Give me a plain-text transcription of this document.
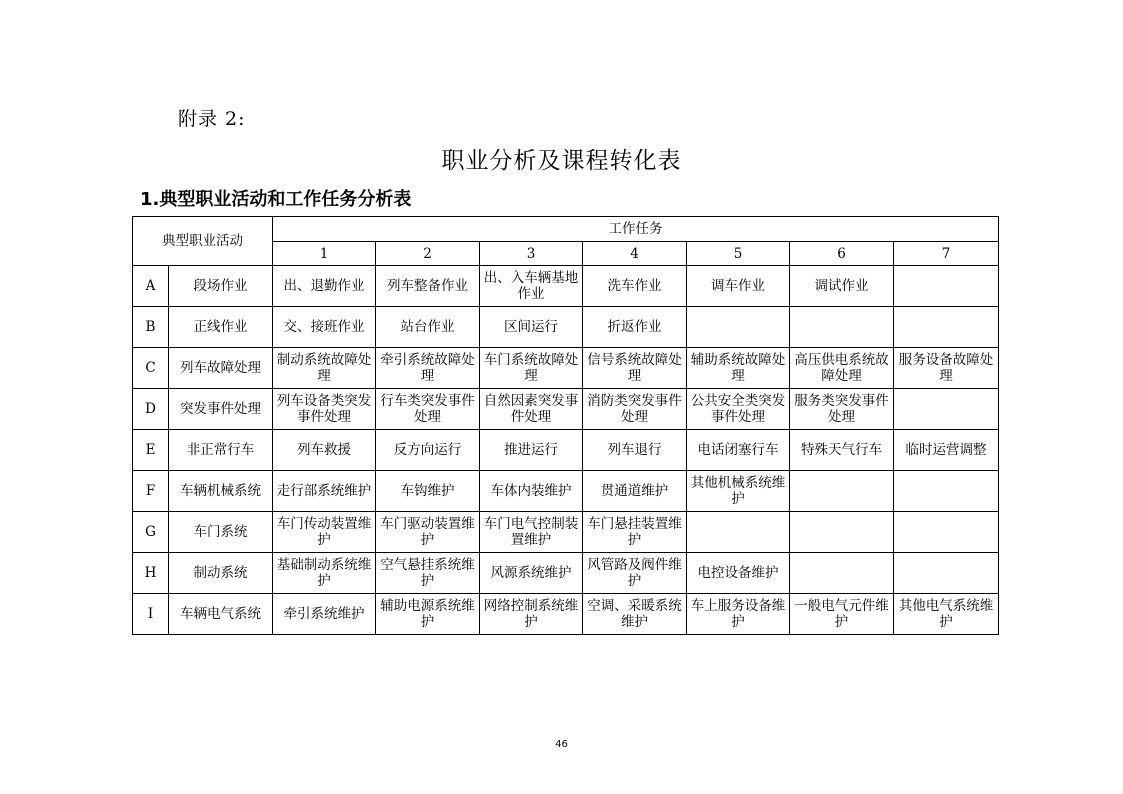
附录 2:
职业分析及课程转化表
1.典型职业活动和工作任务分析表
典型职业活动		工作任务						
		1	2	3	4	5	6	7
A	段场作业	出、退勤作业	列车整备作业	出、入车辆基地作业	洗车作业	调车作业	调试作业	
B	正线作业	交、接班作业	站台作业	区间运行	折返作业			
C	列车故障处理	制动系统故障处理	牵引系统故障处理	车门系统故障处理	信号系统故障处理	辅助系统故障处理	高压供电系统故障处理	服务设备故障处理
D	突发事件处理	列车设备类突发事件处理	行车类突发事件处理	自然因素突发事件处理	消防类突发事件处理	公共安全类突发事件处理	服务类突发事件处理	
E	非正常行车	列车救援	反方向运行	推进运行	列车退行	电话闭塞行车	特殊天气行车	临时运营调整
F	车辆机械系统	走行部系统维护	车钩维护	车体内装维护	贯通道维护	其他机械系统维护		
G	车门系统	车门传动装置维护	车门驱动装置维护	车门电气控制装置维护	车门悬挂装置维护			
H	制动系统	基础制动系统维护	空气悬挂系统维护	风源系统维护	风管路及阀件维护	电控设备维护		
I	车辆电气系统	牵引系统维护	辅助电源系统维护	网络控制系统维护	空调、采暖系统维护	车上服务设备维护	一般电气元件维护	其他电气系统维护
46
